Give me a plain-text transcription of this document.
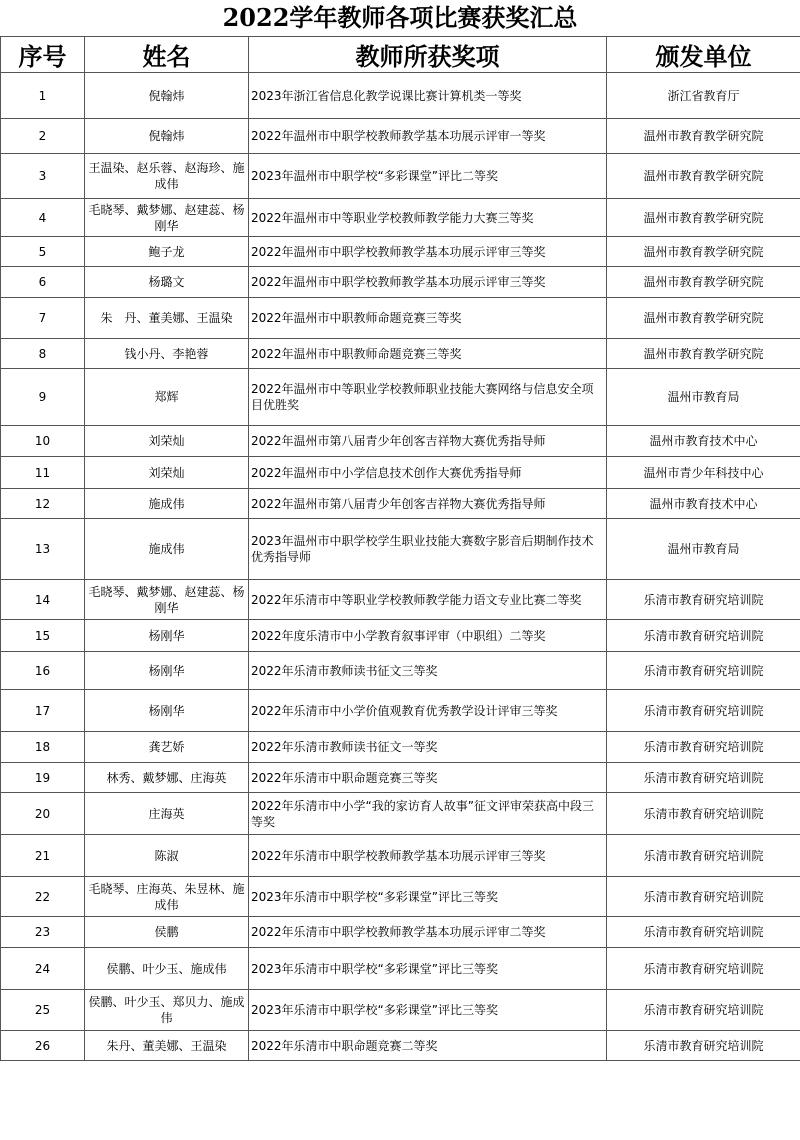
2022学年教师各项比赛获奖汇总
序号	姓名	教师所获奖项	颁发单位
1	倪翰炜	2023年浙江省信息化教学说课比赛计算机类一等奖	浙江省教育厅
2	倪翰炜	2022年温州市中职学校教师教学基本功展示评审一等奖	温州市教育教学研究院
3	王温染、赵乐蓉、赵海珍、施成伟	2023年温州市中职学校“多彩课堂”评比二等奖	温州市教育教学研究院
4	毛晓琴、戴梦娜、赵建蕊、杨刚华	2022年温州市中等职业学校教师教学能力大赛三等奖	温州市教育教学研究院
5	鲍子龙	2022年温州市中职学校教师教学基本功展示评审三等奖	温州市教育教学研究院
6	杨璐文	2022年温州市中职学校教师教学基本功展示评审三等奖	温州市教育教学研究院
7	朱　丹、董美娜、王温染	2022年温州市中职教师命题竞赛三等奖	温州市教育教学研究院
8	钱小丹、李艳蓉	2022年温州市中职教师命题竞赛三等奖	温州市教育教学研究院
9	郑辉	2022年温州市中等职业学校教师职业技能大赛网络与信息安全项目优胜奖	温州市教育局
10	刘荣灿	2022年温州市第八届青少年创客吉祥物大赛优秀指导师	温州市教育技术中心
11	刘荣灿	2022年温州市中小学信息技术创作大赛优秀指导师	温州市青少年科技中心
12	施成伟	2022年温州市第八届青少年创客吉祥物大赛优秀指导师	温州市教育技术中心
13	施成伟	2023年温州市中职学校学生职业技能大赛数字影音后期制作技术优秀指导师	温州市教育局
14	毛晓琴、戴梦娜、赵建蕊、杨刚华	2022年乐清市中等职业学校教师教学能力语文专业比赛二等奖	乐清市教育研究培训院
15	杨刚华	2022年度乐清市中小学教育叙事评审（中职组）二等奖	乐清市教育研究培训院
16	杨刚华	2022年乐清市教师读书征文三等奖	乐清市教育研究培训院
17	杨刚华	2022年乐清市中小学价值观教育优秀教学设计评审三等奖	乐清市教育研究培训院
18	龚艺娇	2022年乐清市教师读书征文一等奖	乐清市教育研究培训院
19	林秀、戴梦娜、庄海英	2022年乐清市中职命题竞赛三等奖	乐清市教育研究培训院
20	庄海英	2022年乐清市中小学“我的家访育人故事”征文评审荣获高中段三等奖	乐清市教育研究培训院
21	陈淑	2022年乐清市中职学校教师教学基本功展示评审三等奖	乐清市教育研究培训院
22	毛晓琴、庄海英、朱昱林、施成伟	2023年乐清市中职学校“多彩课堂”评比三等奖	乐清市教育研究培训院
23	侯鹏	2022年乐清市中职学校教师教学基本功展示评审二等奖	乐清市教育研究培训院
24	侯鹏、叶少玉、施成伟	2023年乐清市中职学校“多彩课堂”评比三等奖	乐清市教育研究培训院
25	侯鹏、叶少玉、郑贝力、施成伟	2023年乐清市中职学校“多彩课堂”评比三等奖	乐清市教育研究培训院
26	朱丹、董美娜、王温染	2022年乐清市中职命题竞赛二等奖	乐清市教育研究培训院
